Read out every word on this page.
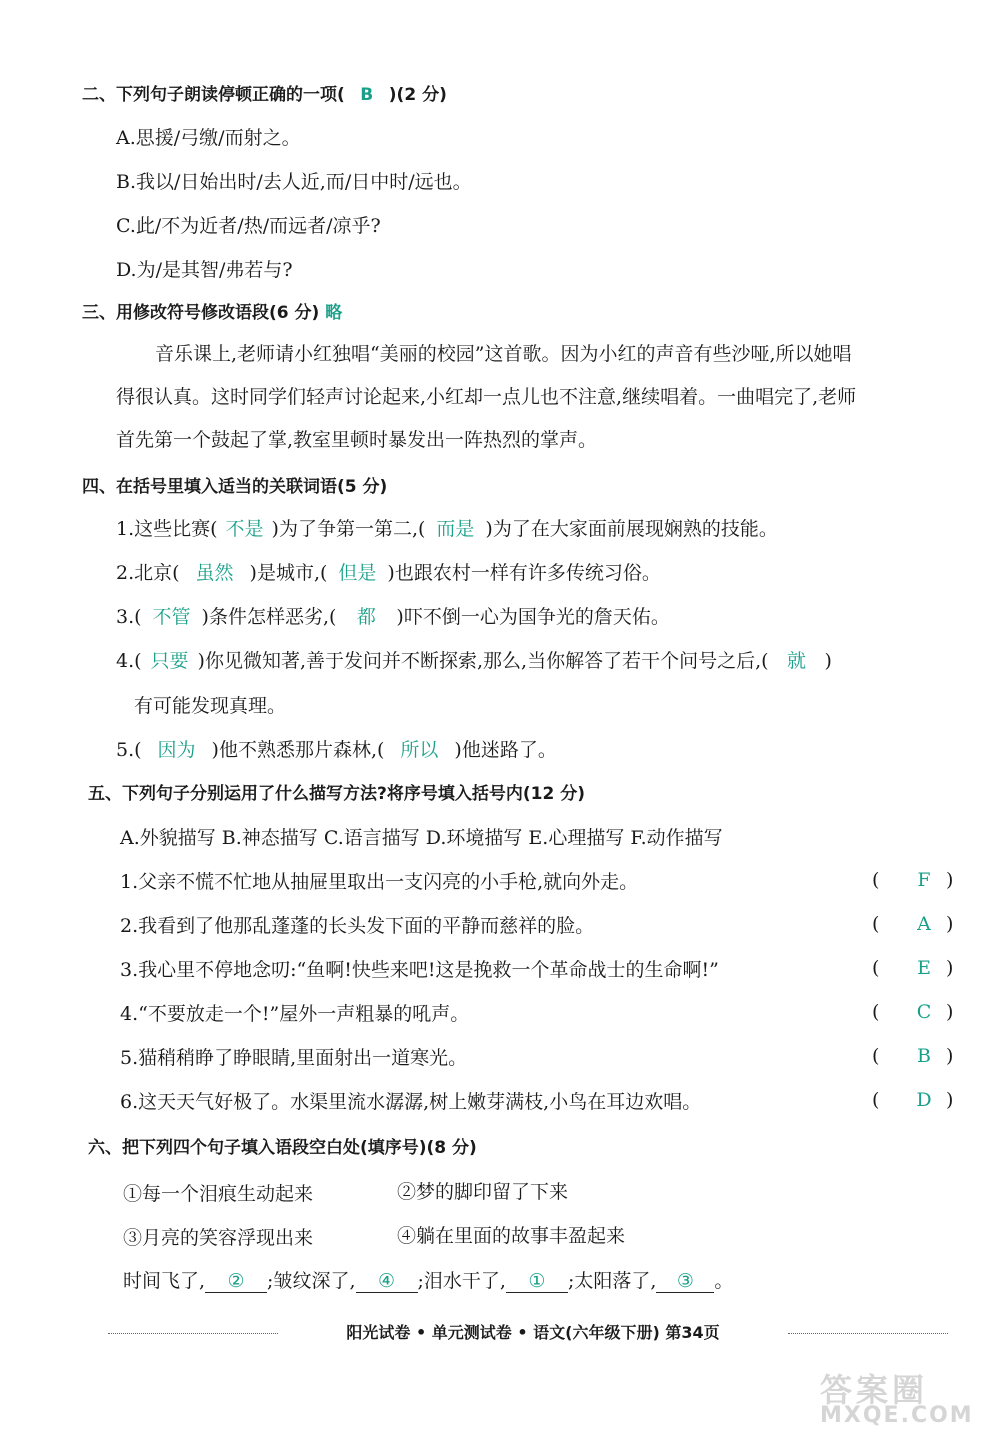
二、下列句子朗读停顿正确的一项( B )(2 分)
A.思援/弓缴/而射之。
B.我以/日始出时/去人近,而/日中时/远也。
C.此/不为近者/热/而远者/凉乎?
D.为/是其智/弗若与?
三、用修改符号修改语段(6 分) 略
音乐课上,老师请小红独唱“美丽的校园”这首歌。因为小红的声音有些沙哑,所以她唱
得很认真。这时同学们轻声讨论起来,小红却一点儿也不注意,继续唱着。一曲唱完了,老师
首先第一个鼓起了掌,教室里顿时暴发出一阵热烈的掌声。
四、在括号里填入适当的关联词语(5 分)
1.这些比赛( 不是 )为了争第一第二,( 而是 )为了在大家面前展现娴熟的技能。
2.北京( 虽然 )是城市,( 但是 )也跟农村一样有许多传统习俗。
3.( 不管 )条件怎样恶劣,( 都 )吓不倒一心为国争光的詹天佑。
4.( 只要 )你见微知著,善于发问并不断探索,那么,当你解答了若干个问号之后,( 就 )
有可能发现真理。
5.( 因为 )他不熟悉那片森林,( 所以 )他迷路了。
五、下列句子分别运用了什么描写方法?将序号填入括号内(12 分)
A.外貌描写 B.神态描写 C.语言描写 D.环境描写 E.心理描写 F.动作描写
1.父亲不慌不忙地从抽屉里取出一支闪亮的小手枪,就向外走。	( F )
2.我看到了他那乱蓬蓬的长头发下面的平静而慈祥的脸。	( A )
3.我心里不停地念叨:“鱼啊!快些来吧!这是挽救一个革命战士的生命啊!”	( E )
4.“不要放走一个!”屋外一声粗暴的吼声。	( C )
5.猫稍稍睁了睁眼睛,里面射出一道寒光。	( B )
6.这天天气好极了。水渠里流水潺潺,树上嫩芽满枝,小鸟在耳边欢唱。	( D )
六、把下列四个句子填入语段空白处(填序号)(8 分)
①每一个泪痕生动起来	②梦的脚印留了下来
③月亮的笑容浮现出来	④躺在里面的故事丰盈起来
时间飞了, ② ;皱纹深了, ④ ;泪水干了, ① ;太阳落了, ③ 。
阳光试卷 • 单元测试卷 • 语文(六年级下册) 第34页
答案圈
MXQE.COM
